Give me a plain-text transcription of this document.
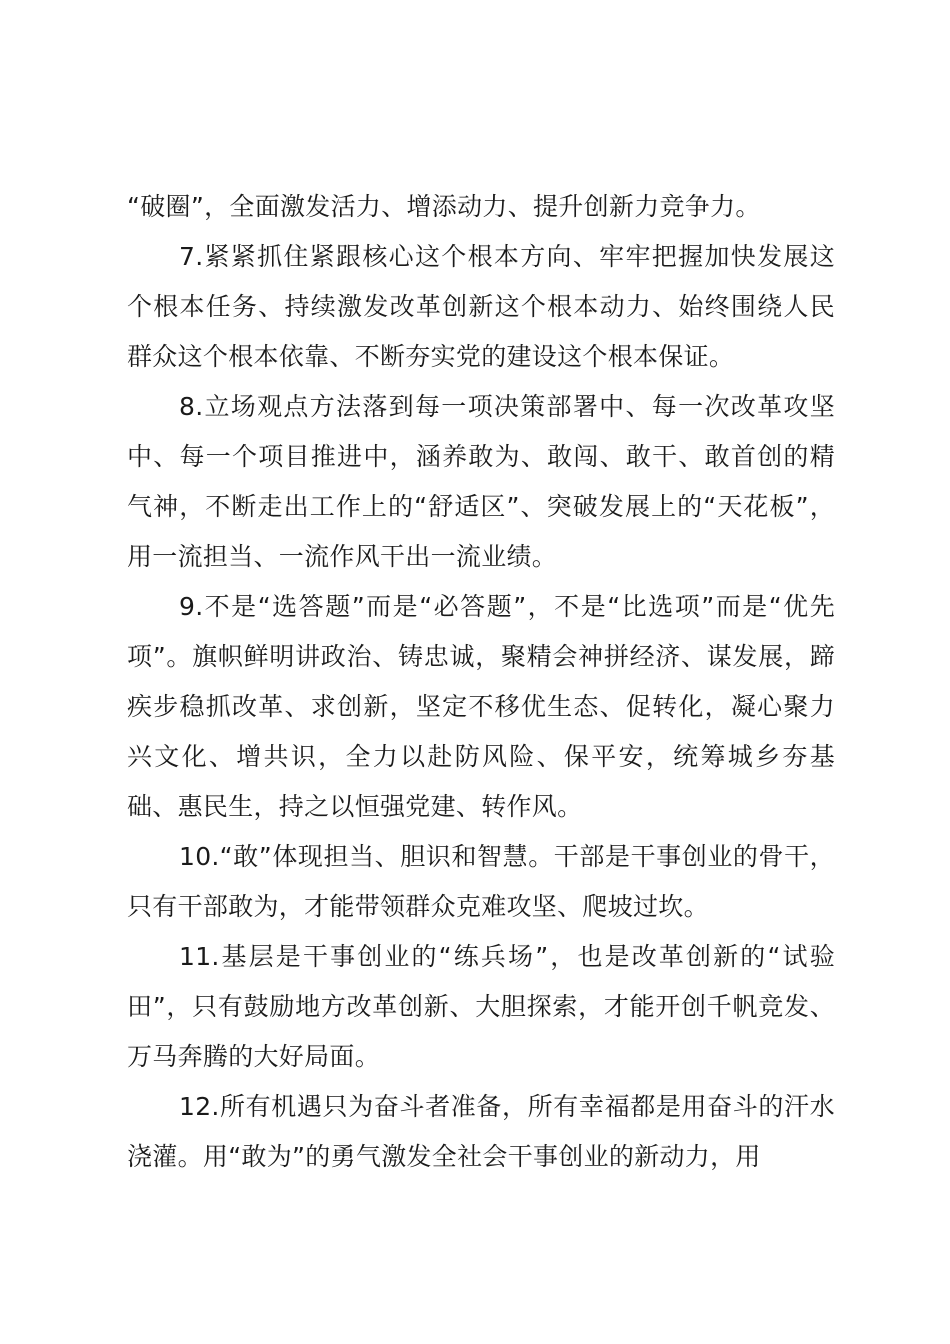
“破圈”，全面激发活力、增添动力、提升创新力竞争力。

7.紧紧抓住紧跟核心这个根本方向、牢牢把握加快发展这个根本任务、持续激发改革创新这个根本动力、始终围绕人民群众这个根本依靠、不断夯实党的建设这个根本保证。

8.立场观点方法落到每一项决策部署中、每一次改革攻坚中、每一个项目推进中，涵养敢为、敢闯、敢干、敢首创的精气神，不断走出工作上的“舒适区”、突破发展上的“天花板”，用一流担当、一流作风干出一流业绩。

9.不是“选答题”而是“必答题”，不是“比选项”而是“优先项”。旗帜鲜明讲政治、铸忠诚，聚精会神拼经济、谋发展，蹄疾步稳抓改革、求创新，坚定不移优生态、促转化，凝心聚力兴文化、增共识，全力以赴防风险、保平安，统筹城乡夯基础、惠民生，持之以恒强党建、转作风。

10.“敢”体现担当、胆识和智慧。干部是干事创业的骨干，只有干部敢为，才能带领群众克难攻坚、爬坡过坎。

11.基层是干事创业的“练兵场”，也是改革创新的“试验田”，只有鼓励地方改革创新、大胆探索，才能开创千帆竞发、万马奔腾的大好局面。

12.所有机遇只为奋斗者准备，所有幸福都是用奋斗的汗水浇灌。用“敢为”的勇气激发全社会干事创业的新动力，用
